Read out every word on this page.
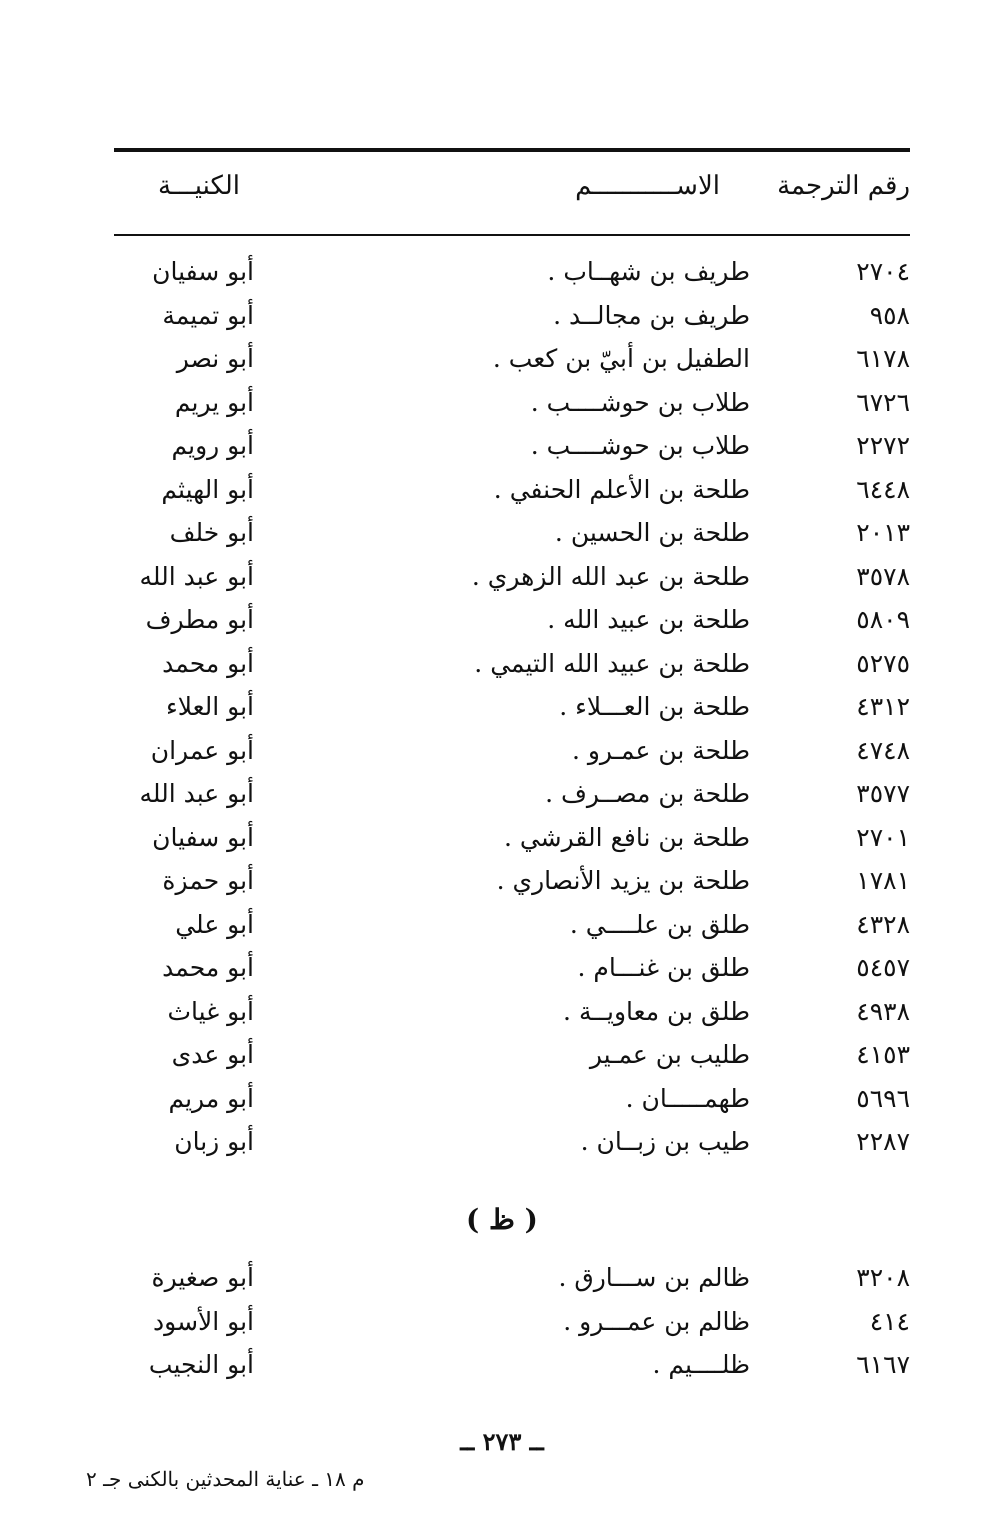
رقم الترجمة
الاســـــــــــم
الكنيـــة
٢٧٠٤
طريف بن شهــاب .
أبو سفيان
٩٥٨
طريف بن مجالــد .
أبو تميمة
٦١٧٨
الطفيل بن أبيّ بن كعب .
أبو نصر
٦٧٢٦
طلاب بن حوشــــب .
أبو يريم
٢٢٧٢
طلاب بن حوشــــب .
أبو رويم
٦٤٤٨
طلحة بن الأعلم الحنفي .
أبو الهيثم
٢٠١٣
طلحة بن الحسين .
أبو خلف
٣٥٧٨
طلحة بن عبد الله الزهري .
أبو عبد الله
٥٨٠٩
طلحة بن عبيد الله .
أبو مطرف
٥٢٧٥
طلحة بن عبيد الله التيمي .
أبو محمد
٤٣١٢
طلحة بن العـــلاء .
أبو العلاء
٤٧٤٨
طلحة بن عمـرو .
أبو عمران
٣٥٧٧
طلحة بن مصــرف .
أبو عبد الله
٢٧٠١
طلحة بن نافع القرشي .
أبو سفيان
١٧٨١
طلحة بن يزيد الأنصاري .
أبو حمزة
٤٣٢٨
طلق بن علــــي .
أبو علي
٥٤٥٧
طلق بن غنـــام .
أبو محمد
٤٩٣٨
طلق بن معاويــة .
أبو غياث
٤١٥٣
طليب بن عمـير
أبو عدى
٥٦٩٦
طهمـــــان .
أبو مريم
٢٢٨٧
طيب بن زبــان .
أبو زبان
( ظ )
٣٢٠٨
ظالم بن ســـارق .
أبو صغيرة
٤١٤
ظالم بن عمـــرو .
أبو الأسود
٦١٦٧
ظلــــيم .
أبو النجيب
ــ ٢٧٣ ــ
م ١٨ ـ عناية المحدثين بالكنى جـ ٢
